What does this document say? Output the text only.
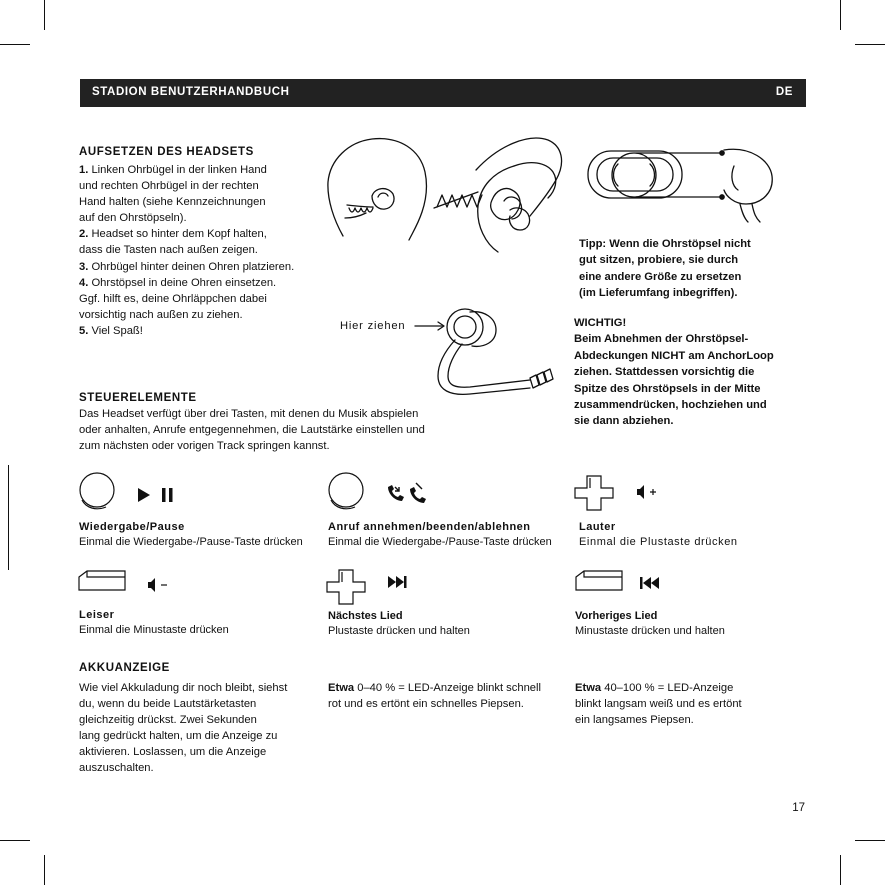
STADION BENUTZERHANDBUCH	DE
AUFSETZEN DES HEADSETS
1. Linken Ohrbügel in der linken Hand
und rechten Ohrbügel in der rechten
Hand halten (siehe Kennzeichnungen
auf den Ohrstöpseln).
2. Headset so hinter dem Kopf halten,
dass die Tasten nach außen zeigen.
3. Ohrbügel hinter deinen Ohren platzieren.
4. Ohrstöpsel in deine Ohren einsetzen.
Ggf. hilft es, deine Ohrläppchen dabei
vorsichtig nach außen zu ziehen.
5. Viel Spaß!	Hier ziehen
Tipp: Wenn die Ohrstöpsel nicht
gut sitzen, probiere, sie durch
eine andere Größe zu ersetzen
(im Lieferumfang inbegriffen).
WICHTIG!
Beim Abnehmen der Ohrstöpsel-
Abdeckungen NICHT am AnchorLoop
ziehen. Stattdessen vorsichtig die
Spitze des Ohrstöpsels in der Mitte
zusammendrücken, hochziehen und
sie dann abziehen.
STEUERELEMENTE
Das Headset verfügt über drei Tasten, mit denen du Musik abspielen
oder anhalten, Anrufe entgegennehmen, die Lautstärke einstellen und
zum nächsten oder vorigen Track springen kannst.
Wiedergabe/Pause
Einmal die Wiedergabe-/Pause-Taste drücken
Anruf annehmen/beenden/ablehnen
Einmal die Wiedergabe-/Pause-Taste drücken
Lauter
Einmal die Plustaste drücken
Leiser
Einmal die Minustaste drücken
Nächstes Lied
Plustaste drücken und halten
Vorheriges Lied
Minustaste drücken und halten
AKKUANZEIGE
Wie viel Akkuladung dir noch bleibt, siehst
du, wenn du beide Lautstärketasten
gleichzeitig drückst. Zwei Sekunden
lang gedrückt halten, um die Anzeige zu
aktivieren. Loslassen, um die Anzeige
auszuschalten.
Etwa 0–40 % = LED-Anzeige blinkt schnell
rot und es ertönt ein schnelles Piepsen.
Etwa 40–100 % = LED-Anzeige
blinkt langsam weiß und es ertönt
ein langsames Piepsen.
17
